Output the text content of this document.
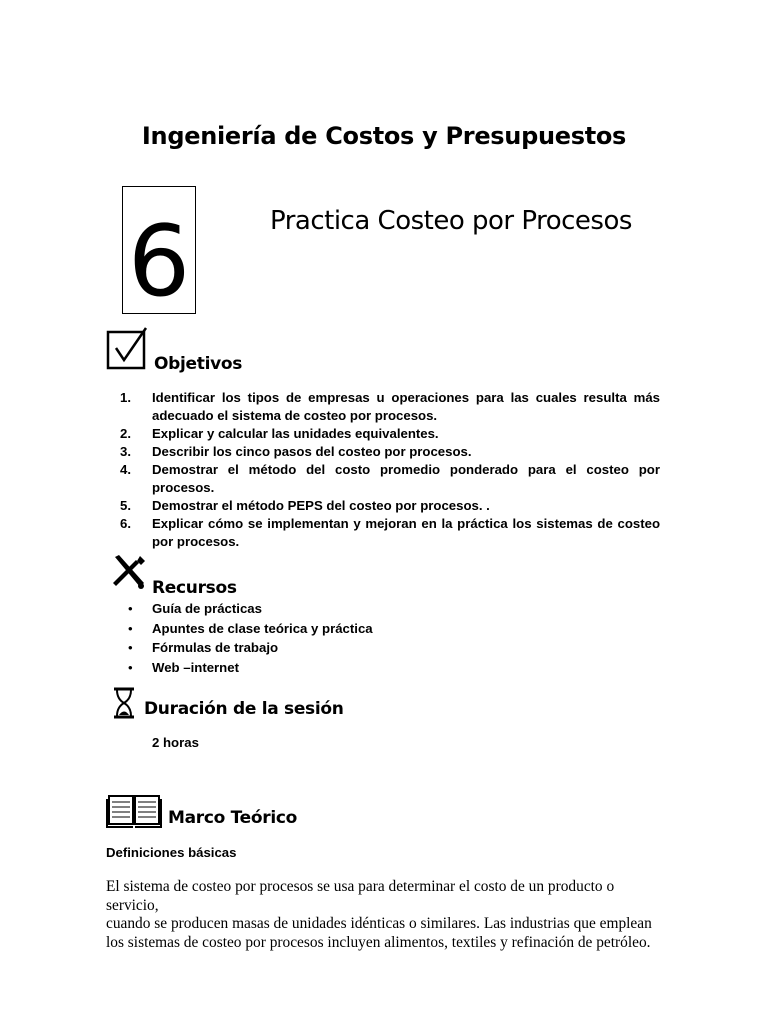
Ingeniería de Costos y Presupuestos
6	Practica Costeo por Procesos
Objetivos
1. Identificar los tipos de empresas u operaciones para las cuales resulta más adecuado el sistema de costeo por procesos.
2. Explicar y calcular las unidades equivalentes.
3. Describir los cinco pasos del costeo por procesos.
4. Demostrar el método del costo promedio ponderado para el costeo por procesos.
5. Demostrar el método PEPS del costeo por procesos. .
6. Explicar cómo se implementan y mejoran en la práctica los sistemas de costeo por procesos.
Recursos
• Guía de prácticas
• Apuntes de clase teórica y práctica
• Fórmulas de trabajo
• Web –internet
Duración de la sesión
2 horas
Marco Teórico
Definiciones básicas
El sistema de costeo por procesos se usa para determinar el costo de un producto o servicio,
cuando se producen masas de unidades idénticas o similares. Las industrias que emplean
los sistemas de costeo por procesos incluyen alimentos, textiles y refinación de petróleo.
